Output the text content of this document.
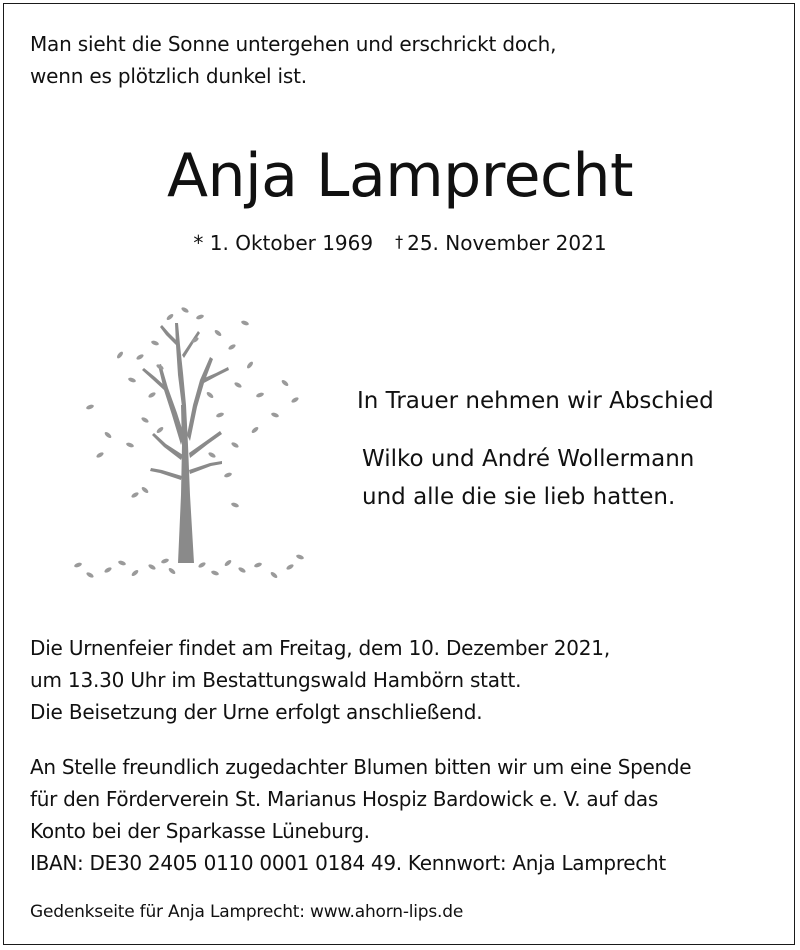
Man sieht die Sonne untergehen und erschrickt doch,
wenn es plötzlich dunkel ist.
Anja Lamprecht
* 1. Oktober 1969 † 25. November 2021
In Trauer nehmen wir Abschied
Wilko und André Wollermann
und alle die sie lieb hatten.
Die Urnenfeier findet am Freitag, dem 10. Dezember 2021,
um 13.30 Uhr im Bestattungswald Hambörn statt.
Die Beisetzung der Urne erfolgt anschließend.
An Stelle freundlich zugedachter Blumen bitten wir um eine Spende
für den Förderverein St. Marianus Hospiz Bardowick e. V. auf das
Konto bei der Sparkasse Lüneburg.
IBAN: DE30 2405 0110 0001 0184 49. Kennwort: Anja Lamprecht
Gedenkseite für Anja Lamprecht: www.ahorn-lips.de
